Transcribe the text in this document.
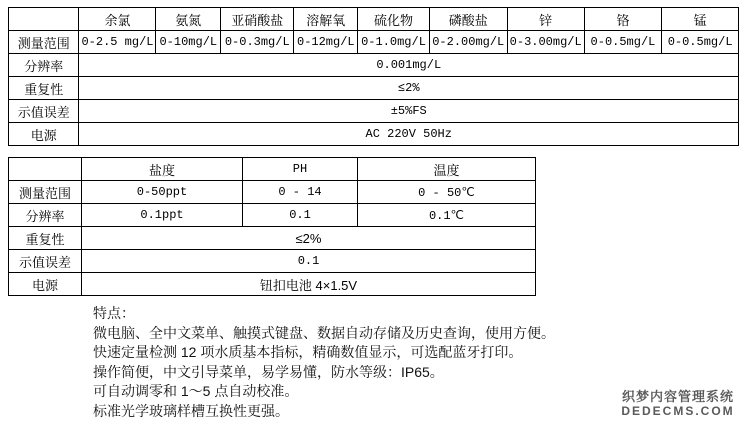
	余氯	氨氮	亚硝酸盐	溶解氧	硫化物	磷酸盐	锌	铬	锰
测量范围	0-2.5 mg/L	0-10mg/L	0-0.3mg/L	0-12mg/L	0-1.0mg/L	0-2.00mg/L	0-3.00mg/L	0-0.5mg/L	0-0.5mg/L
分辨率	0.001mg/L								
重复性	≤2%								
示值误差	±5%FS								
电源	AC 220V 50Hz								
	盐度	PH	温度
测量范围	0-50ppt	0 - 14	0 - 50℃
分辨率	0.1ppt	0.1	0.1℃
重复性	≤2%		
示值误差	0.1		
电源	钮扣电池 4×1.5V		
特点：
微电脑、全中文菜单、触摸式键盘、数据自动存储及历史查询，使用方便。
快速定量检测 12 项水质基本指标，精确数值显示，可选配蓝牙打印。
操作简便，中文引导菜单，易学易懂，防水等级：IP65。
可自动调零和 1～5 点自动校准。
标准光学玻璃样槽互换性更强。
织梦内容管理系统
DEDECMS.COM
